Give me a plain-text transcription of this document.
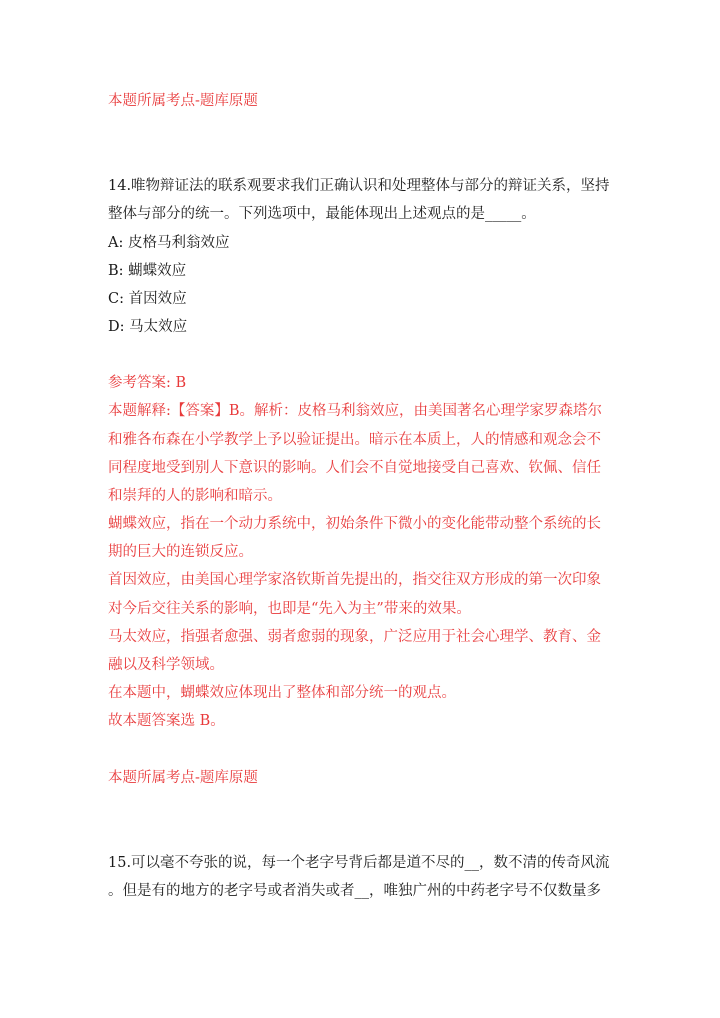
本题所属考点-题库原题
14.唯物辩证法的联系观要求我们正确认识和处理整体与部分的辩证关系，坚持
整体与部分的统一。下列选项中，最能体现出上述观点的是_____。
A: 皮格马利翁效应
B: 蝴蝶效应
C: 首因效应
D: 马太效应
参考答案: B
本题解释:【答案】B。解析：皮格马利翁效应，由美国著名心理学家罗森塔尔
和雅各布森在小学教学上予以验证提出。暗示在本质上，人的情感和观念会不
同程度地受到别人下意识的影响。人们会不自觉地接受自己喜欢、钦佩、信任
和崇拜的人的影响和暗示。
蝴蝶效应，指在一个动力系统中，初始条件下微小的变化能带动整个系统的长
期的巨大的连锁反应。
首因效应，由美国心理学家洛钦斯首先提出的，指交往双方形成的第一次印象
对今后交往关系的影响，也即是“先入为主”带来的效果。
马太效应，指强者愈强、弱者愈弱的现象，广泛应用于社会心理学、教育、金
融以及科学领域。
在本题中，蝴蝶效应体现出了整体和部分统一的观点。
故本题答案选 B。
本题所属考点-题库原题
15.可以毫不夸张的说，每一个老字号背后都是道不尽的__，数不清的传奇风流
。但是有的地方的老字号或者消失或者__，唯独广州的中药老字号不仅数量多
